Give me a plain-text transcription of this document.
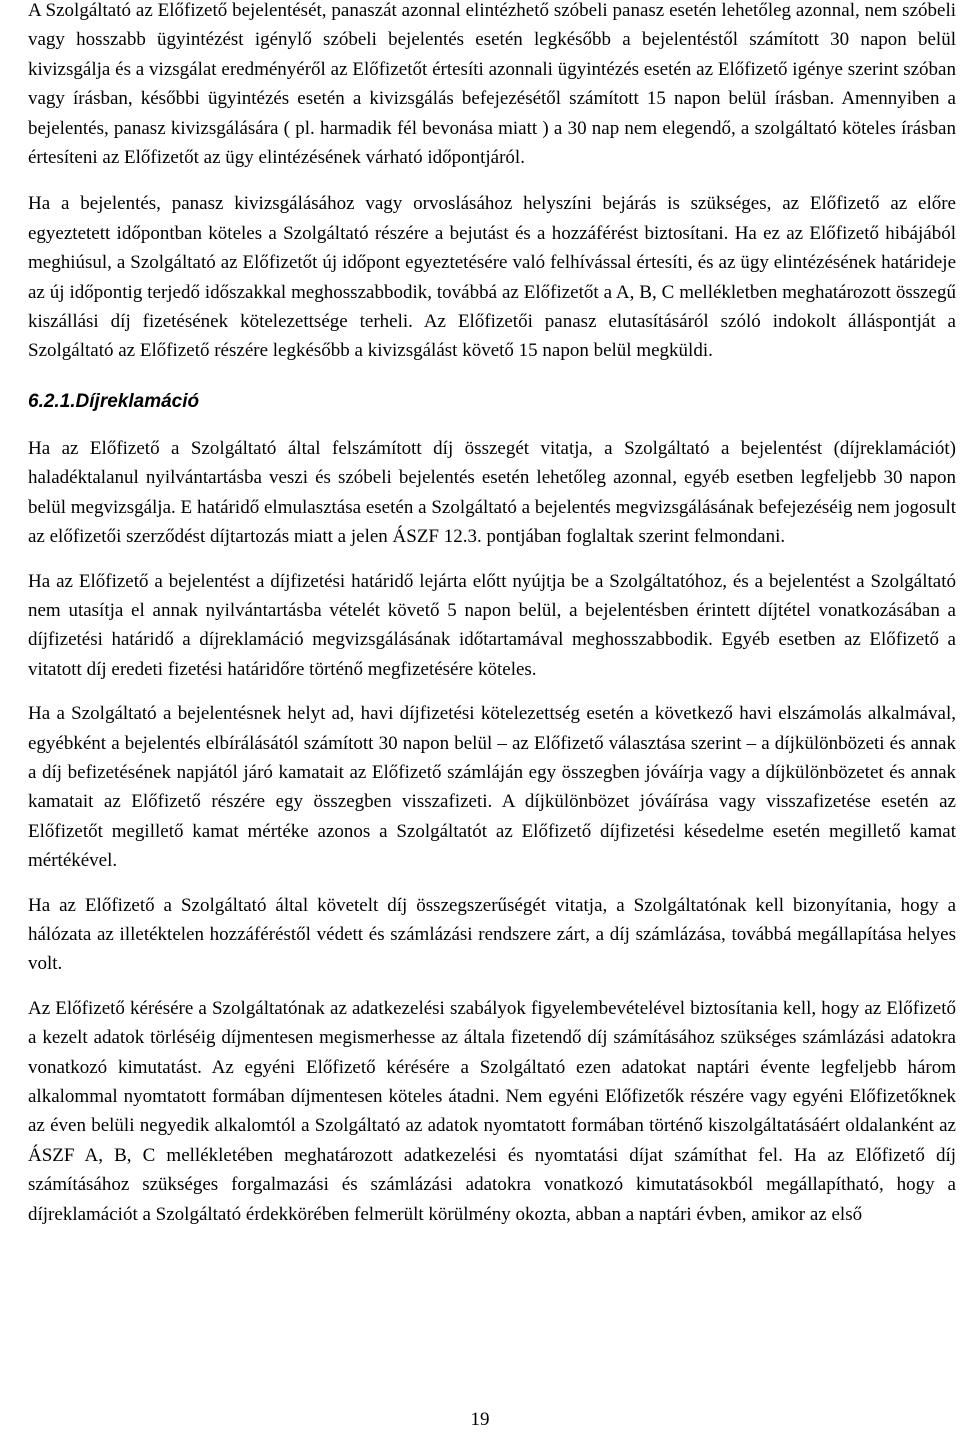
A Szolgáltató az Előfizető bejelentését, panaszát azonnal elintézhető szóbeli panasz esetén lehetőleg azonnal, nem szóbeli vagy hosszabb ügyintézést igénylő szóbeli bejelentés esetén legkésőbb a bejelentéstől számított 30 napon belül kivizsgálja és a vizsgálat eredményéről az Előfizetőt értesíti azonnali ügyintézés esetén az Előfizető igénye szerint szóban vagy írásban, későbbi ügyintézés esetén a kivizsgálás befejezésétől számított 15 napon belül írásban. Amennyiben a bejelentés, panasz kivizsgálására ( pl. harmadik fél bevonása miatt ) a 30 nap nem elegendő, a szolgáltató köteles írásban értesíteni az Előfizetőt az ügy elintézésének várható időpontjáról.

Ha a bejelentés, panasz kivizsgálásához vagy orvoslásához helyszíni bejárás is szükséges, az Előfizető az előre egyeztetett időpontban köteles a Szolgáltató részére a bejutást és a hozzáférést biztosítani. Ha ez az Előfizető hibájából meghiúsul, a Szolgáltató az Előfizetőt új időpont egyeztetésére való felhívással értesíti, és az ügy elintézésének határideje az új időpontig terjedő időszakkal meghosszabbodik, továbbá az Előfizetőt a A, B, C mellékletben meghatározott összegű kiszállási díj fizetésének kötelezettsége terheli. Az Előfizetői panasz elutasításáról szóló indokolt álláspontját a Szolgáltató az Előfizető részére legkésőbb a kivizsgálást követő 15 napon belül megküldi.

6.2.1.Díjreklamáció

Ha az Előfizető a Szolgáltató által felszámított díj összegét vitatja, a Szolgáltató a bejelentést (díjreklamációt) haladéktalanul nyilvántartásba veszi és szóbeli bejelentés esetén lehetőleg azonnal, egyéb esetben legfeljebb 30 napon belül megvizsgálja. E határidő elmulasztása esetén a Szolgáltató a bejelentés megvizsgálásának befejezéséig nem jogosult az előfizetői szerződést díjtartozás miatt a jelen ÁSZF 12.3. pontjában foglaltak szerint felmondani.

Ha az Előfizető a bejelentést a díjfizetési határidő lejárta előtt nyújtja be a Szolgáltatóhoz, és a bejelentést a Szolgáltató nem utasítja el annak nyilvántartásba vételét követő 5 napon belül, a bejelentésben érintett díjtétel vonatkozásában a díjfizetési határidő a díjreklamáció megvizsgálásának időtartamával meghosszabbodik. Egyéb esetben az Előfizető a vitatott díj eredeti fizetési határidőre történő megfizetésére köteles.

Ha a Szolgáltató a bejelentésnek helyt ad, havi díjfizetési kötelezettség esetén a következő havi elszámolás alkalmával, egyébként a bejelentés elbírálásától számított 30 napon belül – az Előfizető választása szerint – a díjkülönbözeti és annak a díj befizetésének napjától járó kamatait az Előfizető számláján egy összegben jóváírja vagy a díjkülönbözetet és annak kamatait az Előfizető részére egy összegben visszafizeti. A díjkülönbözet jóváírása vagy visszafizetése esetén az Előfizetőt megillető kamat mértéke azonos a Szolgáltatót az Előfizető díjfizetési késedelme esetén megillető kamat mértékével.

Ha az Előfizető a Szolgáltató által követelt díj összegszerűségét vitatja, a Szolgáltatónak kell bizonyítania, hogy a hálózata az illetéktelen hozzáféréstől védett és számlázási rendszere zárt, a díj számlázása, továbbá megállapítása helyes volt.

Az Előfizető kérésére a Szolgáltatónak az adatkezelési szabályok figyelembevételével biztosítania kell, hogy az Előfizető a kezelt adatok törléséig díjmentesen megismerhesse az általa fizetendő díj számításához szükséges számlázási adatokra vonatkozó kimutatást. Az egyéni Előfizető kérésére a Szolgáltató ezen adatokat naptári évente legfeljebb három alkalommal nyomtatott formában díjmentesen köteles átadni. Nem egyéni Előfizetők részére vagy egyéni Előfizetőknek az éven belüli negyedik alkalomtól a Szolgáltató az adatok nyomtatott formában történő kiszolgáltatásáért oldalanként az ÁSZF A, B, C mellékletében meghatározott adatkezelési és nyomtatási díjat számíthat fel. Ha az Előfizető díj számításához szükséges forgalmazási és számlázási adatokra vonatkozó kimutatásokból megállapítható, hogy a díjreklamációt a Szolgáltató érdekkörében felmerült körülmény okozta, abban a naptári évben, amikor az első

19
